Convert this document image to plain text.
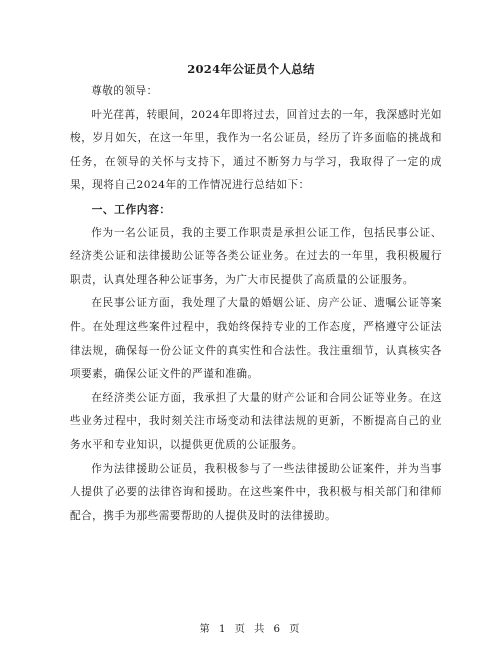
2024年公证员个人总结

尊敬的领导：

叶光荏苒，转眼间，2024年即将过去，回首过去的一年，我深感时光如梭，岁月如矢，在这一年里，我作为一名公证员，经历了许多面临的挑战和任务，在领导的关怀与支持下，通过不断努力与学习，我取得了一定的成果，现将自己2024年的工作情况进行总结如下：

一、工作内容：

作为一名公证员，我的主要工作职责是承担公证工作，包括民事公证、经济类公证和法律援助公证等各类公证业务。在过去的一年里，我积极履行职责，认真处理各种公证事务，为广大市民提供了高质量的公证服务。

在民事公证方面，我处理了大量的婚姻公证、房产公证、遗嘱公证等案件。在处理这些案件过程中，我始终保持专业的工作态度，严格遵守公证法律法规，确保每一份公证文件的真实性和合法性。我注重细节，认真核实各项要素，确保公证文件的严谨和准确。

在经济类公证方面，我承担了大量的财产公证和合同公证等业务。在这些业务过程中，我时刻关注市场变动和法律法规的更新，不断提高自己的业务水平和专业知识，以提供更优质的公证服务。

作为法律援助公证员，我积极参与了一些法律援助公证案件，并为当事人提供了必要的法律咨询和援助。在这些案件中，我积极与相关部门和律师配合，携手为那些需要帮助的人提供及时的法律援助。

第 1 页 共 6 页
